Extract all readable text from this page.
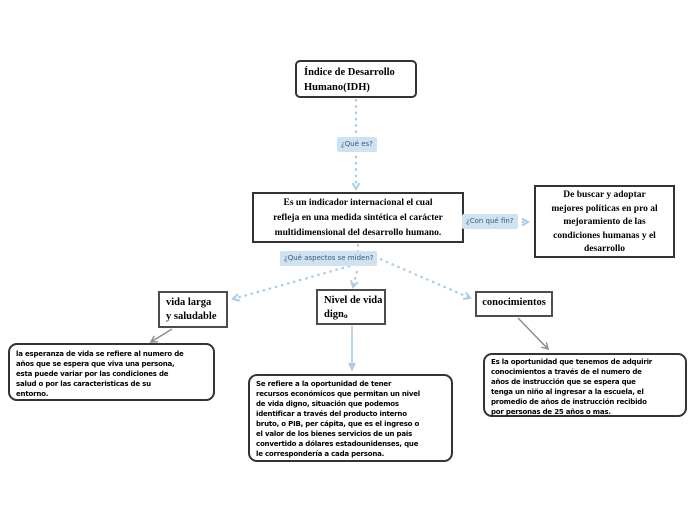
Índice de Desarrollo
Humano(IDH)
¿Qué es?
Es un indicador internacional el cual
refleja en una medida sintética el carácter
multidimensional del desarrollo humano.
¿Con qué fin?
De buscar y adoptar
mejores políticas en pro al
mejoramiento de las
condiciones humanas y el
desarrollo
¿Qué aspectos se miden?
vida larga
y saludable
Nivel de vida
digno
conocimientos
la esperanza de vida se refiere al numero de
años que se espera que viva una persona,
esta puede variar por las condiciones de
salud o por las caracteristicas de su
entorno.
Se refiere a la oportunidad de tener
recursos económicos que permitan un nivel
de vida digno, situación que podemos
identificar a través del producto interno
bruto, o PIB, per cápita, que es el ingreso o
el valor de los bienes servicios de un pais
convertido a dólares estadounidenses, que
le correspondería a cada persona.
Es la oportunidad que tenemos de adquirir
conocimientos a través de el numero de
años de instrucción que se espera que
tenga un niño al ingresar a la escuela, el
promedio de años de instrucción recibido
por personas de 25 años o mas.
